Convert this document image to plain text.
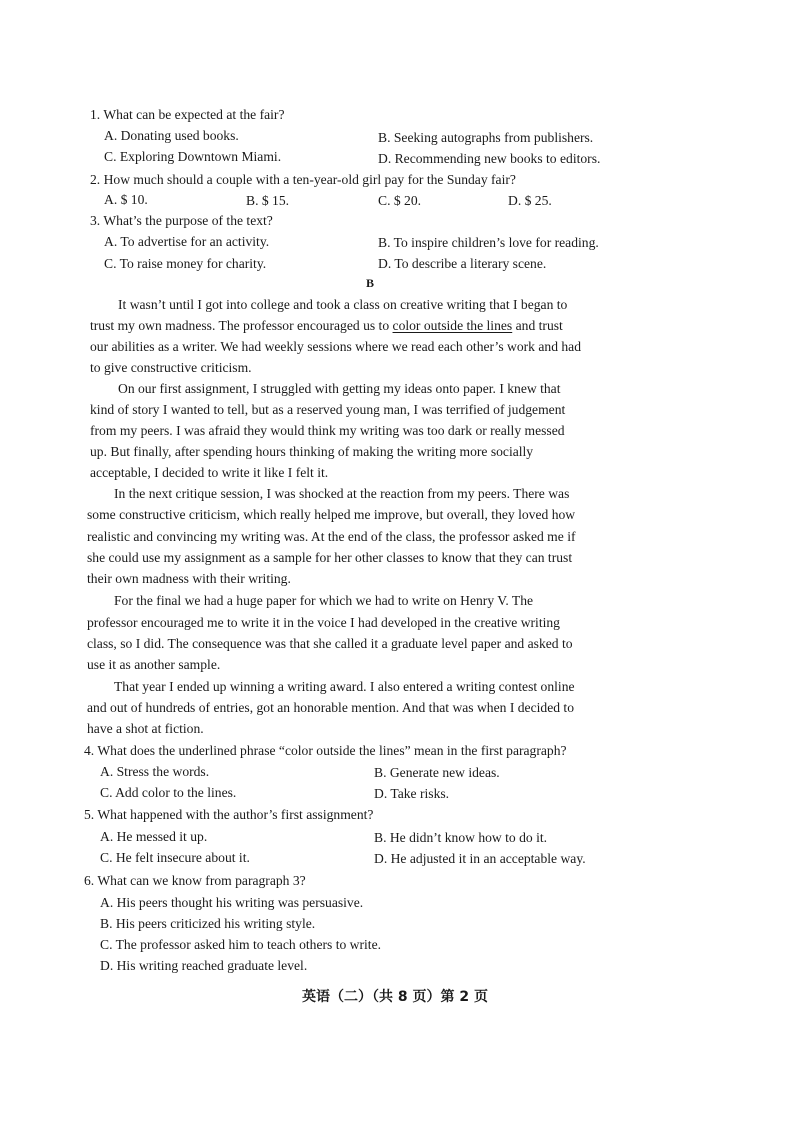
1. What can be expected at the fair?
A. Donating used books.	B. Seeking autographs from publishers.
C. Exploring Downtown Miami.	D. Recommending new books to editors.
2. How much should a couple with a ten-year-old girl pay for the Sunday fair?
A. $ 10.	B. $ 15.	C. $ 20.	D. $ 25.
3. What’s the purpose of the text?
A. To advertise for an activity.	B. To inspire children’s love for reading.
C. To raise money for charity.	D. To describe a literary scene.
B
It wasn’t until I got into college and took a class on creative writing that I began to
trust my own madness. The professor encouraged us to color outside the lines and trust
our abilities as a writer. We had weekly sessions where we read each other’s work and had
to give constructive criticism.
On our first assignment, I struggled with getting my ideas onto paper. I knew that
kind of story I wanted to tell, but as a reserved young man, I was terrified of judgement
from my peers. I was afraid they would think my writing was too dark or really messed
up. But finally, after spending hours thinking of making the writing more socially
acceptable, I decided to write it like I felt it.
In the next critique session, I was shocked at the reaction from my peers. There was
some constructive criticism, which really helped me improve, but overall, they loved how
realistic and convincing my writing was. At the end of the class, the professor asked me if
she could use my assignment as a sample for her other classes to know that they can trust
their own madness with their writing.
For the final we had a huge paper for which we had to write on Henry V. The
professor encouraged me to write it in the voice I had developed in the creative writing
class, so I did. The consequence was that she called it a graduate level paper and asked to
use it as another sample.
That year I ended up winning a writing award. I also entered a writing contest online
and out of hundreds of entries, got an honorable mention. And that was when I decided to
have a shot at fiction.
4. What does the underlined phrase “color outside the lines” mean in the first paragraph?
A. Stress the words.	B. Generate new ideas.
C. Add color to the lines.	D. Take risks.
5. What happened with the author’s first assignment?
A. He messed it up.	B. He didn’t know how to do it.
C. He felt insecure about it.	D. He adjusted it in an acceptable way.
6. What can we know from paragraph 3?
A. His peers thought his writing was persuasive.
B. His peers criticized his writing style.
C. The professor asked him to teach others to write.
D. His writing reached graduate level.
英语（二）（共 8 页）第 2 页
